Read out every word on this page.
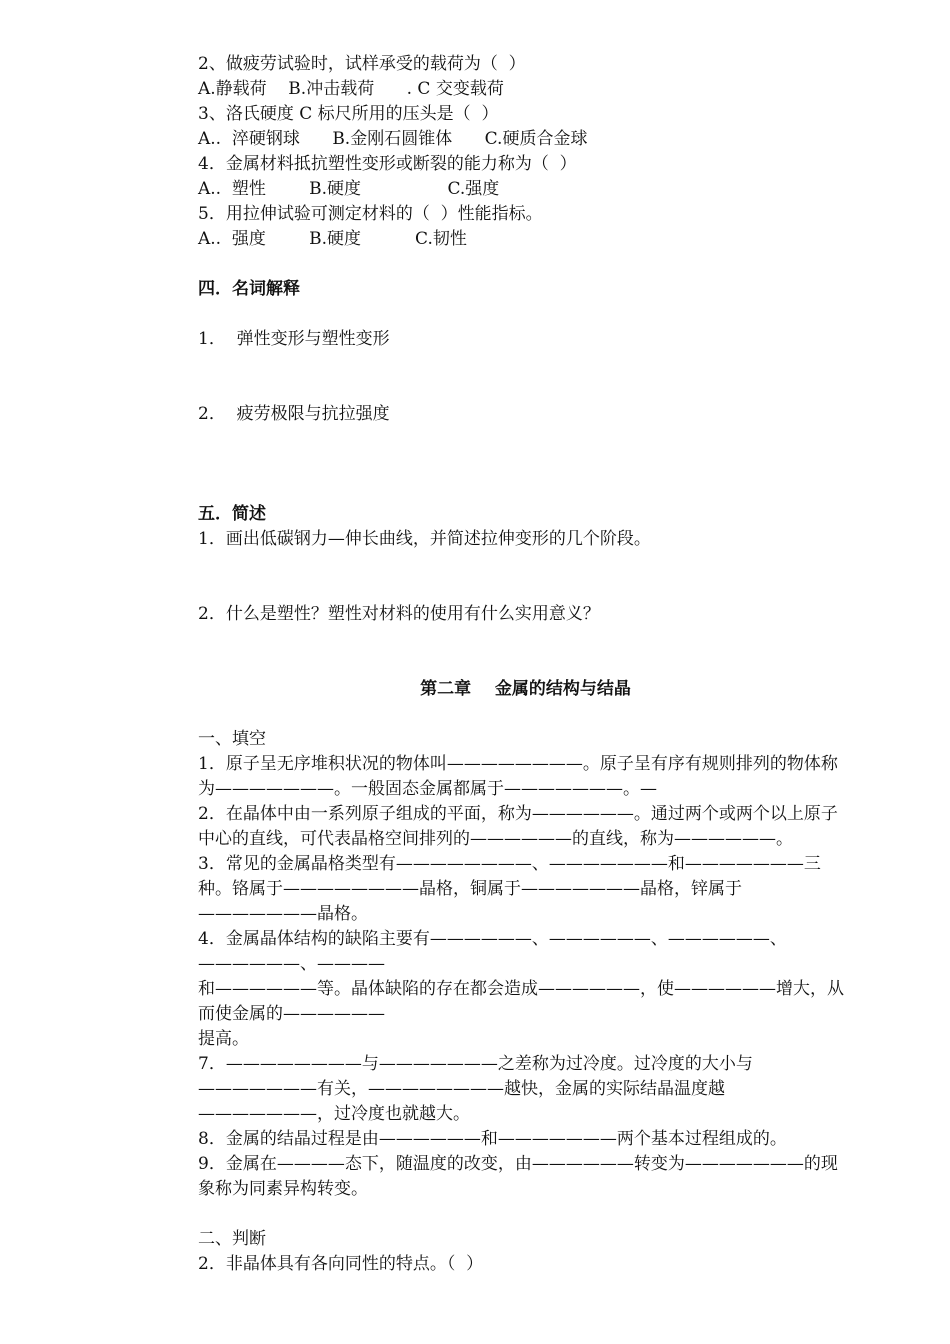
2、做疲劳试验时，试样承受的载荷为（  ）
A.静载荷    B.冲击载荷      . C 交变载荷
3、洛氏硬度 C 标尺所用的压头是（  ）
A..  淬硬钢球      B.金刚石圆锥体      C.硬质合金球
4．金属材料抵抗塑性变形或断裂的能力称为（  ）
A..  塑性        B.硬度                C.强度
5．用拉伸试验可测定材料的（  ）性能指标。
A..  强度        B.硬度          C.韧性
四．名词解释
1．  弹性变形与塑性变形
2．  疲劳极限与抗拉强度
五．简述
1．画出低碳钢力—伸长曲线，并简述拉伸变形的几个阶段。
2．什么是塑性？塑性对材料的使用有什么实用意义？
第二章    金属的结构与结晶
一、填空
1．原子呈无序堆积状况的物体叫————————。原子呈有序有规则排列的物体称为———————。一般固态金属都属于———————。—
2．在晶体中由一系列原子组成的平面，称为——————。通过两个或两个以上原子中心的直线，可代表晶格空间排列的——————的直线，称为——————。
3．常见的金属晶格类型有————————、———————和———————三种。铬属于————————晶格，铜属于———————晶格，锌属于———————晶格。
4．金属晶体结构的缺陷主要有——————、——————、——————、——————、————
和——————等。晶体缺陷的存在都会造成——————，使——————增大，从而使金属的——————
提高。
7．————————与———————之差称为过冷度。过冷度的大小与———————有关，————————越快，金属的实际结晶温度越———————，过冷度也就越大。
8．金属的结晶过程是由——————和———————两个基本过程组成的。
9．金属在————态下，随温度的改变，由——————转变为———————的现象称为同素异构转变。
二、判断
2．非晶体具有各向同性的特点。（  ）
